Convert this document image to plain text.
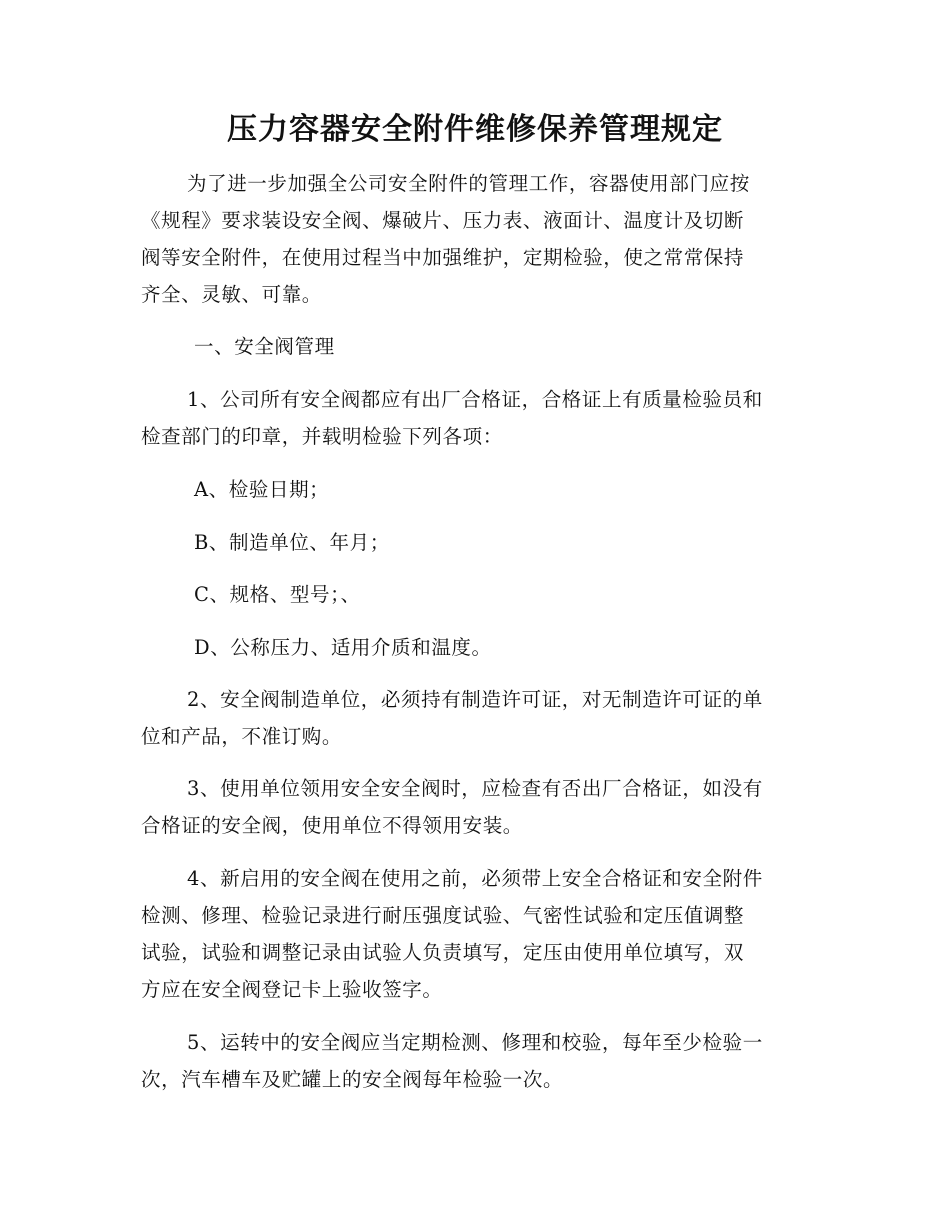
压力容器安全附件维修保养管理规定
为了进一步加强全公司安全附件的管理工作，容器使用部门应按
《规程》要求装设安全阀、爆破片、压力表、液面计、温度计及切断
阀等安全附件，在使用过程当中加强维护，定期检验，使之常常保持
齐全、灵敏、可靠。
一、安全阀管理
1、公司所有安全阀都应有出厂合格证，合格证上有质量检验员和
检查部门的印章，并载明检验下列各项：
A、检验日期；
B、制造单位、年月；
C、规格、型号；、
D、公称压力、适用介质和温度。
2、安全阀制造单位，必须持有制造许可证，对无制造许可证的单
位和产品，不准订购。
3、使用单位领用安全安全阀时，应检查有否出厂合格证，如没有
合格证的安全阀，使用单位不得领用安装。
4、新启用的安全阀在使用之前，必须带上安全合格证和安全附件
检测、修理、检验记录进行耐压强度试验、气密性试验和定压值调整
试验，试验和调整记录由试验人负责填写，定压由使用单位填写，双
方应在安全阀登记卡上验收签字。
5、运转中的安全阀应当定期检测、修理和校验，每年至少检验一
次，汽车槽车及贮罐上的安全阀每年检验一次。
